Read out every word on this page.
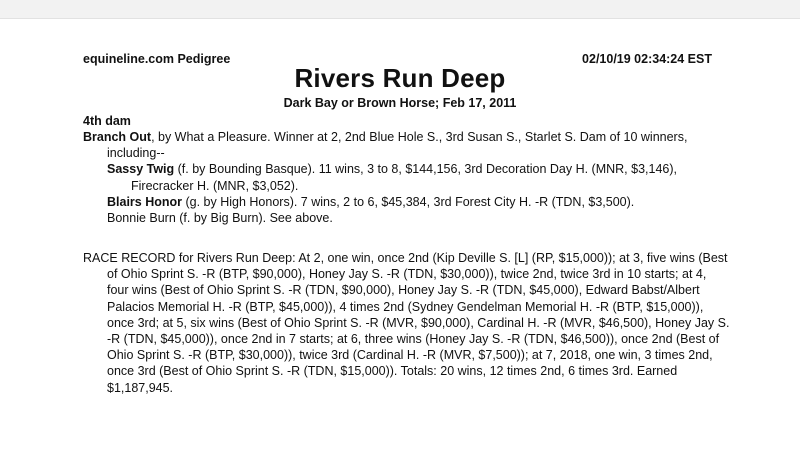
equineline.com Pedigree	02/10/19 02:34:24 EST
Rivers Run Deep
Dark Bay or Brown Horse; Feb 17, 2011
4th dam
Branch Out, by What a Pleasure. Winner at 2, 2nd Blue Hole S., 3rd Susan S., Starlet S. Dam of 10 winners, including--
Sassy Twig (f. by Bounding Basque). 11 wins, 3 to 8, $144,156, 3rd Decoration Day H. (MNR, $3,146), Firecracker H. (MNR, $3,052).
Blairs Honor (g. by High Honors). 7 wins, 2 to 6, $45,384, 3rd Forest City H. -R (TDN, $3,500).
Bonnie Burn (f. by Big Burn). See above.
RACE RECORD for Rivers Run Deep: At 2, one win, once 2nd (Kip Deville S. [L] (RP, $15,000)); at 3, five wins (Best of Ohio Sprint S. -R (BTP, $90,000), Honey Jay S. -R (TDN, $30,000)), twice 2nd, twice 3rd in 10 starts; at 4, four wins (Best of Ohio Sprint S. -R (TDN, $90,000), Honey Jay S. -R (TDN, $45,000), Edward Babst/Albert Palacios Memorial H. -R (BTP, $45,000)), 4 times 2nd (Sydney Gendelman Memorial H. -R (BTP, $15,000)), once 3rd; at 5, six wins (Best of Ohio Sprint S. -R (MVR, $90,000), Cardinal H. -R (MVR, $46,500), Honey Jay S. -R (TDN, $45,000)), once 2nd in 7 starts; at 6, three wins (Honey Jay S. -R (TDN, $46,500)), once 2nd (Best of Ohio Sprint S. -R (BTP, $30,000)), twice 3rd (Cardinal H. -R (MVR, $7,500)); at 7, 2018, one win, 3 times 2nd, once 3rd (Best of Ohio Sprint S. -R (TDN, $15,000)). Totals: 20 wins, 12 times 2nd, 6 times 3rd. Earned $1,187,945.
